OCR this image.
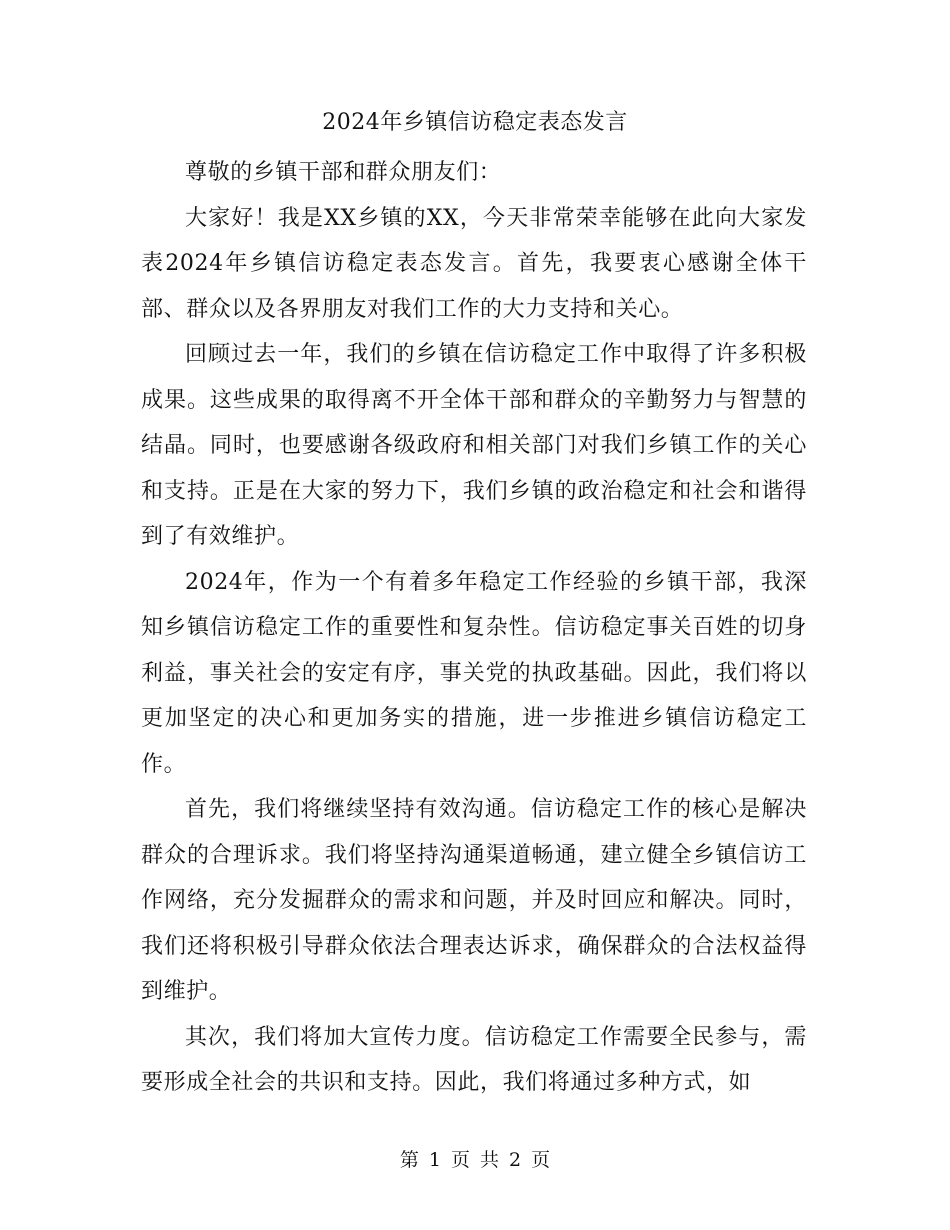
2024年乡镇信访稳定表态发言

尊敬的乡镇干部和群众朋友们：

大家好！我是XX乡镇的XX，今天非常荣幸能够在此向大家发表2024年乡镇信访稳定表态发言。首先，我要衷心感谢全体干部、群众以及各界朋友对我们工作的大力支持和关心。

回顾过去一年，我们的乡镇在信访稳定工作中取得了许多积极成果。这些成果的取得离不开全体干部和群众的辛勤努力与智慧的结晶。同时，也要感谢各级政府和相关部门对我们乡镇工作的关心和支持。正是在大家的努力下，我们乡镇的政治稳定和社会和谐得到了有效维护。

2024年，作为一个有着多年稳定工作经验的乡镇干部，我深知乡镇信访稳定工作的重要性和复杂性。信访稳定事关百姓的切身利益，事关社会的安定有序，事关党的执政基础。因此，我们将以更加坚定的决心和更加务实的措施，进一步推进乡镇信访稳定工作。

首先，我们将继续坚持有效沟通。信访稳定工作的核心是解决群众的合理诉求。我们将坚持沟通渠道畅通，建立健全乡镇信访工作网络，充分发掘群众的需求和问题，并及时回应和解决。同时，我们还将积极引导群众依法合理表达诉求，确保群众的合法权益得到维护。

其次，我们将加大宣传力度。信访稳定工作需要全民参与，需要形成全社会的共识和支持。因此，我们将通过多种方式，如

第 1 页 共 2 页
